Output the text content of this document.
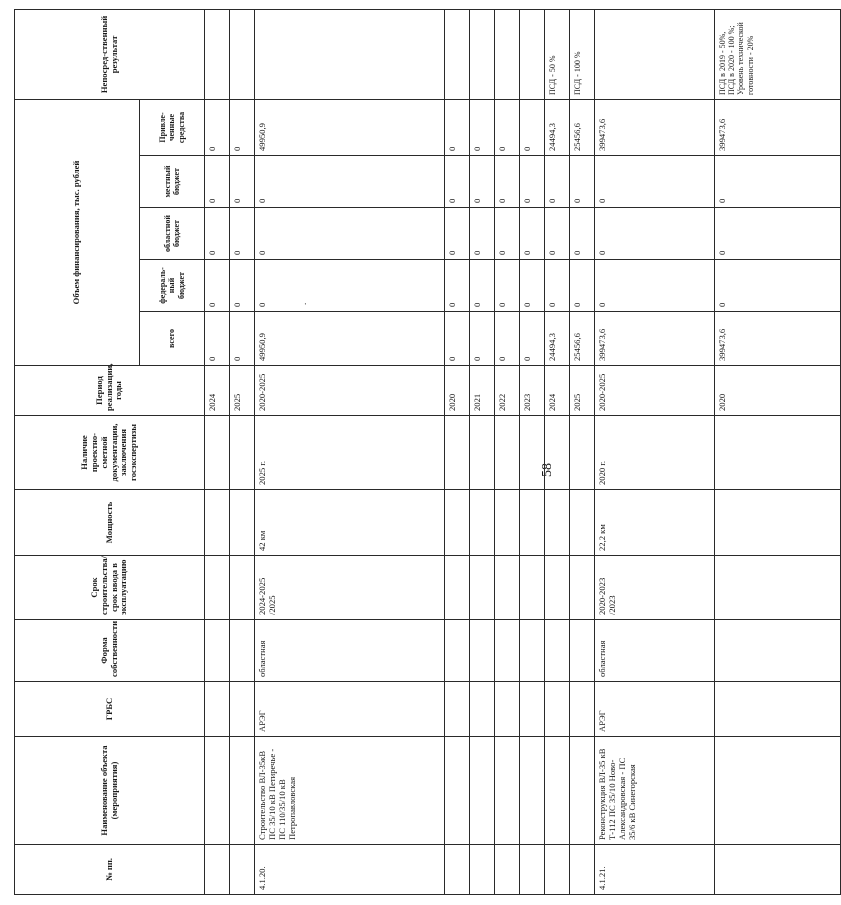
58
.
№ пп.	Наименование объекта (мероприятия)	ГРБС	Форма собственности	Срок строительства/ срок ввода в эксплуатацию	Мощность	Наличие проектно-сметной документации, заключения госэкспертизы	Период реализации, годы	Объем финансирования, тыс. рублей					Непосред-ственный результат
								всего	федераль-ный бюджет	областной бюджет	местный бюджет	Привле-ченные средства	
							2024	0	0	0	0	0	
							2025	0	0	0	0	0	
4.1.20.	Строительство ВЛ-35кВ ПС 35/10 кВ Петиречье - ПС 110/35/10 кВ Петропавловская	АРЭГ	областная	2024-2025 /2025	42 км	2025 г.	2020-2025	49950,9	0	0	0	49950,9	
							2020	0	0	0	0	0	
							2021	0	0	0	0	0	
							2022	0	0	0	0	0	
							2023	0	0	0	0	0	
							2024	24494,3	0	0	0	24494,3	ПСД - 50 %
							2025	25456,6	0	0	0	25456,6	ПСД - 100 %
4.1.21.	Реконструкция ВЛ-35 кВ Т-112 ПС 35/10 Ново-Александровская - ПС 35/6 кВ Синегорская	АРЭГ	областная	2020-2023 /2023	22,2 км	2020 г.	2020-2025	399473,6	0	0	0	399473,6	
							2020	399473,6	0	0	0	399473,6	ПСД в 2019 - 50%, ПСД в 2020 - 100 %; Уровень технической готовности - 20%
